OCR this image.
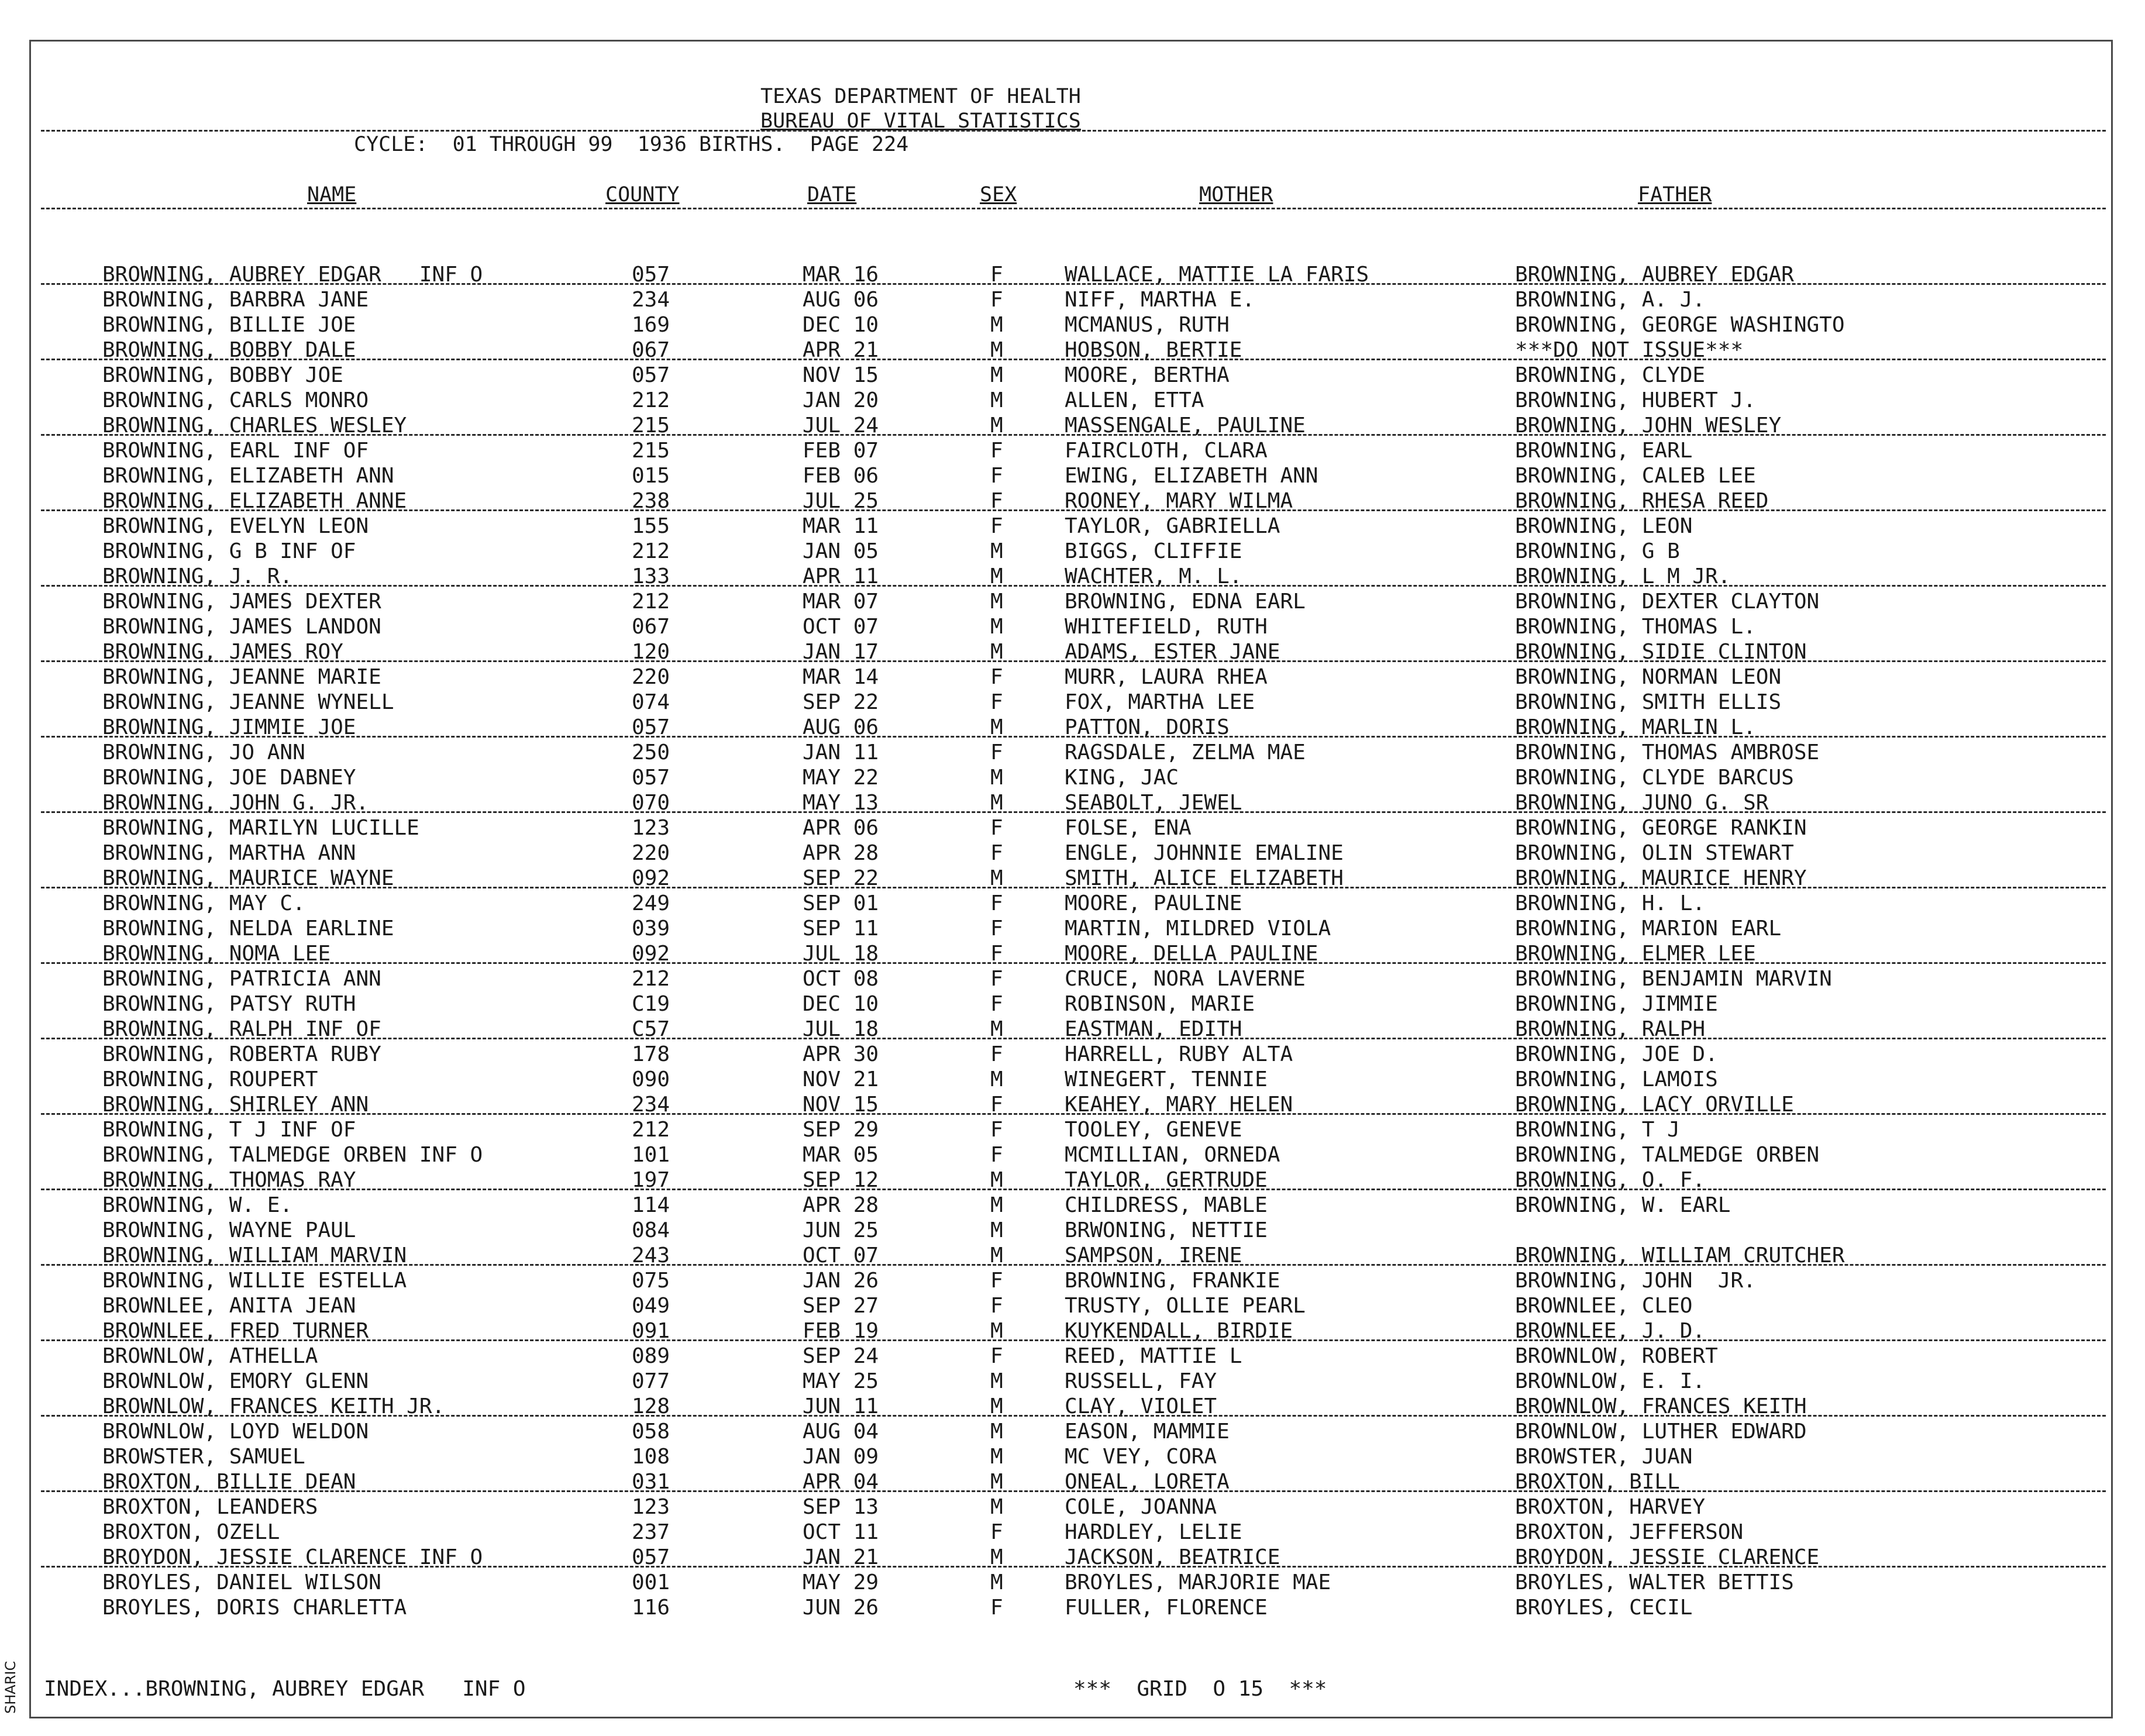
TEXAS DEPARTMENT OF HEALTH
BUREAU OF VITAL STATISTICS
CYCLE:  01 THROUGH 99  1936 BIRTHS.  PAGE 224
NAME	COUNTY	DATE	SEX	MOTHER	FATHER
BROWNING, AUBREY EDGAR   INF O	057	MAR 16	F	WALLACE, MATTIE LA FARIS	BROWNING, AUBREY EDGAR
BROWNING, BARBRA JANE	234	AUG 06	F	NIFF, MARTHA E.	BROWNING, A. J.
BROWNING, BILLIE JOE	169	DEC 10	M	MCMANUS, RUTH	BROWNING, GEORGE WASHINGTO
BROWNING, BOBBY DALE	067	APR 21	M	HOBSON, BERTIE	***DO NOT ISSUE***
BROWNING, BOBBY JOE	057	NOV 15	M	MOORE, BERTHA	BROWNING, CLYDE
BROWNING, CARLS MONRO	212	JAN 20	M	ALLEN, ETTA	BROWNING, HUBERT J.
BROWNING, CHARLES WESLEY	215	JUL 24	M	MASSENGALE, PAULINE	BROWNING, JOHN WESLEY
BROWNING, EARL INF OF	215	FEB 07	F	FAIRCLOTH, CLARA	BROWNING, EARL
BROWNING, ELIZABETH ANN	015	FEB 06	F	EWING, ELIZABETH ANN	BROWNING, CALEB LEE
BROWNING, ELIZABETH ANNE	238	JUL 25	F	ROONEY, MARY WILMA	BROWNING, RHESA REED
BROWNING, EVELYN LEON	155	MAR 11	F	TAYLOR, GABRIELLA	BROWNING, LEON
BROWNING, G B INF OF	212	JAN 05	M	BIGGS, CLIFFIE	BROWNING, G B
BROWNING, J. R.	133	APR 11	M	WACHTER, M. L.	BROWNING, L M JR.
BROWNING, JAMES DEXTER	212	MAR 07	M	BROWNING, EDNA EARL	BROWNING, DEXTER CLAYTON
BROWNING, JAMES LANDON	067	OCT 07	M	WHITEFIELD, RUTH	BROWNING, THOMAS L.
BROWNING, JAMES ROY	120	JAN 17	M	ADAMS, ESTER JANE	BROWNING, SIDIE CLINTON
BROWNING, JEANNE MARIE	220	MAR 14	F	MURR, LAURA RHEA	BROWNING, NORMAN LEON
BROWNING, JEANNE WYNELL	074	SEP 22	F	FOX, MARTHA LEE	BROWNING, SMITH ELLIS
BROWNING, JIMMIE JOE	057	AUG 06	M	PATTON, DORIS	BROWNING, MARLIN L.
BROWNING, JO ANN	250	JAN 11	F	RAGSDALE, ZELMA MAE	BROWNING, THOMAS AMBROSE
BROWNING, JOE DABNEY	057	MAY 22	M	KING, JAC	BROWNING, CLYDE BARCUS
BROWNING, JOHN G. JR.	070	MAY 13	M	SEABOLT, JEWEL	BROWNING, JUNO G. SR
BROWNING, MARILYN LUCILLE	123	APR 06	F	FOLSE, ENA	BROWNING, GEORGE RANKIN
BROWNING, MARTHA ANN	220	APR 28	F	ENGLE, JOHNNIE EMALINE	BROWNING, OLIN STEWART
BROWNING, MAURICE WAYNE	092	SEP 22	M	SMITH, ALICE ELIZABETH	BROWNING, MAURICE HENRY
BROWNING, MAY C.	249	SEP 01	F	MOORE, PAULINE	BROWNING, H. L.
BROWNING, NELDA EARLINE	039	SEP 11	F	MARTIN, MILDRED VIOLA	BROWNING, MARION EARL
BROWNING, NOMA LEE	092	JUL 18	F	MOORE, DELLA PAULINE	BROWNING, ELMER LEE
BROWNING, PATRICIA ANN	212	OCT 08	F	CRUCE, NORA LAVERNE	BROWNING, BENJAMIN MARVIN
BROWNING, PATSY RUTH	C19	DEC 10	F	ROBINSON, MARIE	BROWNING, JIMMIE
BROWNING, RALPH INF OF	C57	JUL 18	M	EASTMAN, EDITH	BROWNING, RALPH
BROWNING, ROBERTA RUBY	178	APR 30	F	HARRELL, RUBY ALTA	BROWNING, JOE D.
BROWNING, ROUPERT	090	NOV 21	M	WINEGERT, TENNIE	BROWNING, LAMOIS
BROWNING, SHIRLEY ANN	234	NOV 15	F	KEAHEY, MARY HELEN	BROWNING, LACY ORVILLE
BROWNING, T J INF OF	212	SEP 29	F	TOOLEY, GENEVE	BROWNING, T J
BROWNING, TALMEDGE ORBEN INF O	101	MAR 05	F	MCMILLIAN, ORNEDA	BROWNING, TALMEDGE ORBEN
BROWNING, THOMAS RAY	197	SEP 12	M	TAYLOR, GERTRUDE	BROWNING, O. F.
BROWNING, W. E.	114	APR 28	M	CHILDRESS, MABLE	BROWNING, W. EARL
BROWNING, WAYNE PAUL	084	JUN 25	M	BRWONING, NETTIE
BROWNING, WILLIAM MARVIN	243	OCT 07	M	SAMPSON, IRENE	BROWNING, WILLIAM CRUTCHER
BROWNING, WILLIE ESTELLA	075	JAN 26	F	BROWNING, FRANKIE	BROWNING, JOHN  JR.
BROWNLEE, ANITA JEAN	049	SEP 27	F	TRUSTY, OLLIE PEARL	BROWNLEE, CLEO
BROWNLEE, FRED TURNER	091	FEB 19	M	KUYKENDALL, BIRDIE	BROWNLEE, J. D.
BROWNLOW, ATHELLA	089	SEP 24	F	REED, MATTIE L	BROWNLOW, ROBERT
BROWNLOW, EMORY GLENN	077	MAY 25	M	RUSSELL, FAY	BROWNLOW, E. I.
BROWNLOW, FRANCES KEITH JR.	128	JUN 11	M	CLAY, VIOLET	BROWNLOW, FRANCES KEITH
BROWNLOW, LOYD WELDON	058	AUG 04	M	EASON, MAMMIE	BROWNLOW, LUTHER EDWARD
BROWSTER, SAMUEL	108	JAN 09	M	MC VEY, CORA	BROWSTER, JUAN
BROXTON, BILLIE DEAN	031	APR 04	M	ONEAL, LORETA	BROXTON, BILL
BROXTON, LEANDERS	123	SEP 13	M	COLE, JOANNA	BROXTON, HARVEY
BROXTON, OZELL	237	OCT 11	F	HARDLEY, LELIE	BROXTON, JEFFERSON
BROYDON, JESSIE CLARENCE INF O	057	JAN 21	M	JACKSON, BEATRICE	BROYDON, JESSIE CLARENCE
BROYLES, DANIEL WILSON	001	MAY 29	M	BROYLES, MARJORIE MAE	BROYLES, WALTER BETTIS
BROYLES, DORIS CHARLETTA	116	JUN 26	F	FULLER, FLORENCE	BROYLES, CECIL
INDEX...BROWNING, AUBREY EDGAR   INF O	***  GRID  O 15  ***
SHARIC
